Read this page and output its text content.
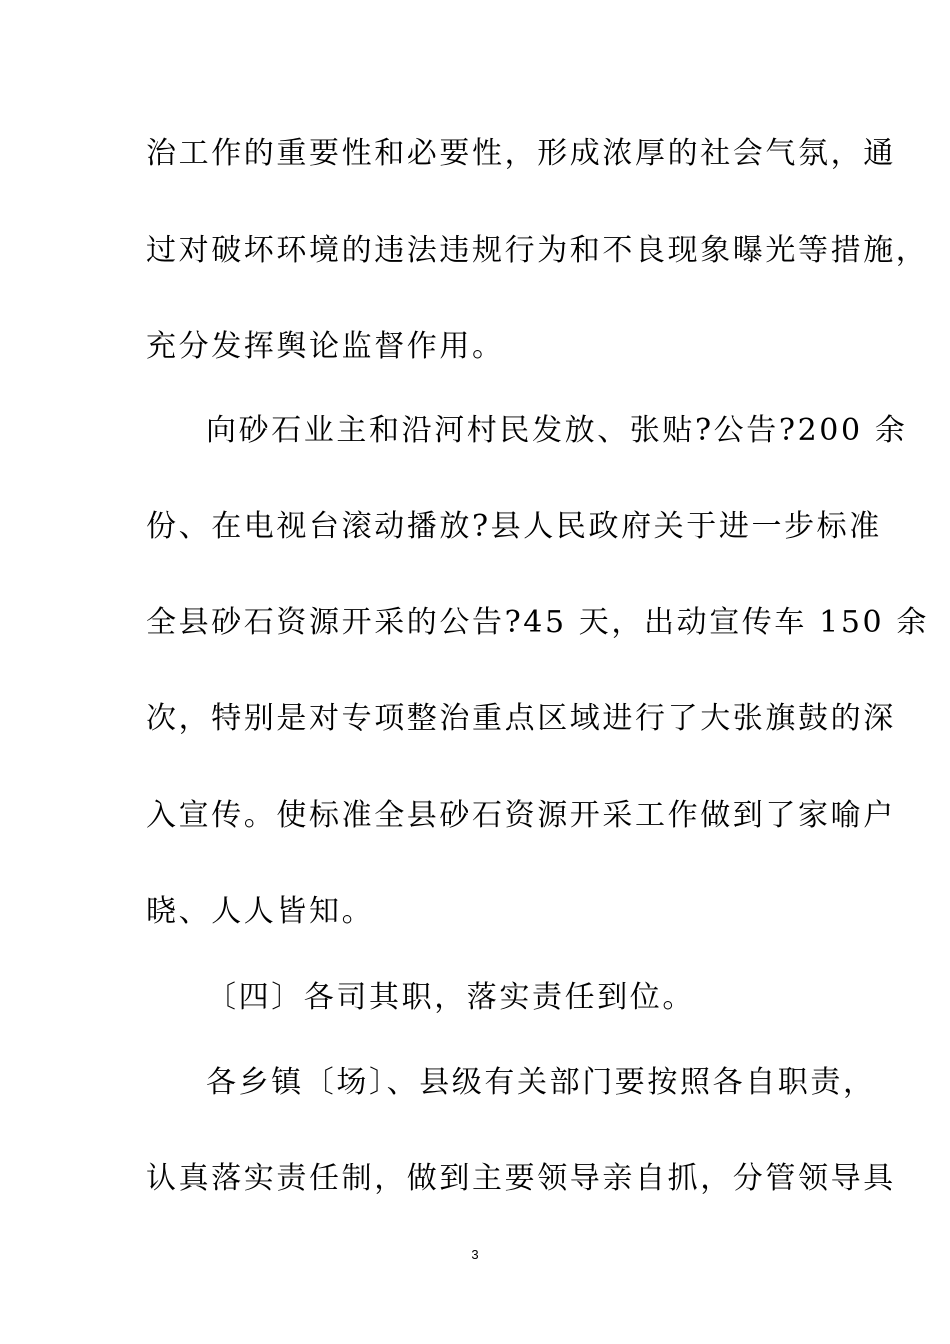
治工作的重要性和必要性，形成浓厚的社会气氛，通
过对破坏环境的违法违规行为和不良现象曝光等措施，
充分发挥舆论监督作用。
向砂石业主和沿河村民发放、张贴?公告?200 余
份、在电视台滚动播放?县人民政府关于进一步标准
全县砂石资源开采的公告?45 天，出动宣传车 150 余
次，特别是对专项整治重点区域进行了大张旗鼓的深
入宣传。使标准全县砂石资源开采工作做到了家喻户
晓、人人皆知。
〔四〕各司其职，落实责任到位。
各乡镇〔场〕、县级有关部门要按照各自职责，
认真落实责任制，做到主要领导亲自抓，分管领导具
3
